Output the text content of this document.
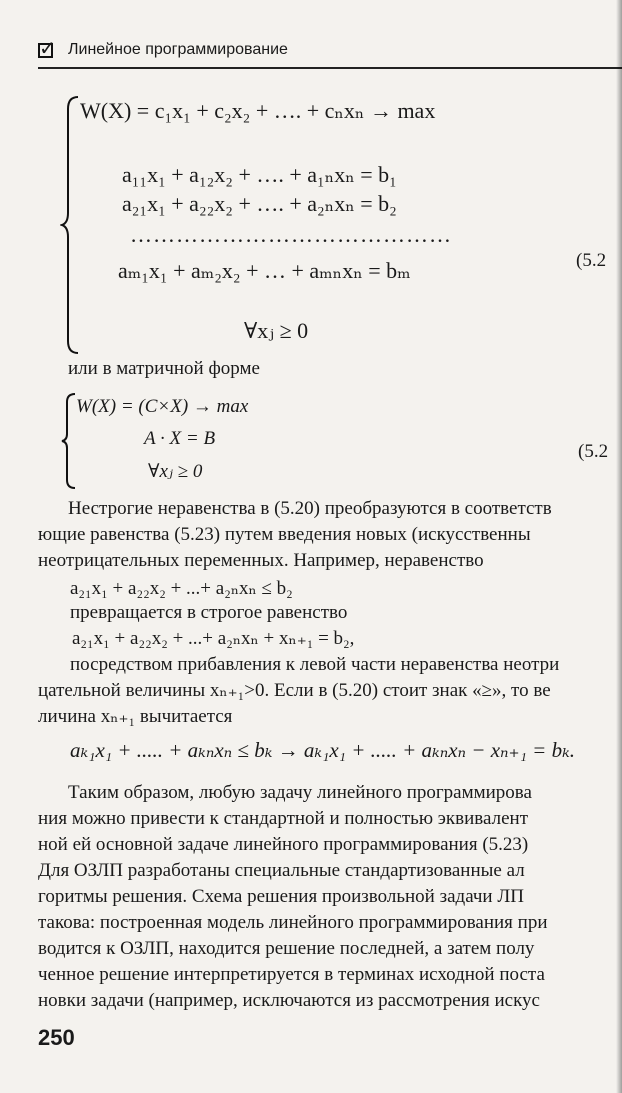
✓ Линейное программирование
W(X) = c₁x₁ + c₂x₂ + …. + cₙxₙ → max
a₁₁x₁ + a₁₂x₂ + …. + a₁ₙxₙ = b₁
a₂₁x₁ + a₂₂x₂ + …. + a₂ₙxₙ = b₂
……………………………………
aₘ₁x₁ + aₘ₂x₂ + … + aₘₙxₙ = bₘ
∀xⱼ ≥ 0
(5.2
или в матричной форме
W(X) = (C×X) → max
A · X = B
∀xⱼ ≥ 0
(5.2
Нестрогие неравенства в (5.20) преобразуются в соответств
ющие равенства (5.23) путем введения новых (искусственны
неотрицательных переменных. Например, неравенство
a₂₁x₁ + a₂₂x₂ + ...+ a₂ₙxₙ ≤ b₂
превращается в строгое равенство
a₂₁x₁ + a₂₂x₂ + ...+ a₂ₙxₙ + xₙ₊₁ = b₂,
посредством прибавления к левой части неравенства неотри
цательной величины xₙ₊₁>0. Если в (5.20) стоит знак «≥», то ве
личина xₙ₊₁ вычитается
aₖ₁x₁ + ..... + aₖₙxₙ ≤ bₖ → aₖ₁x₁ + ..... + aₖₙxₙ − xₙ₊₁ = bₖ.
Таким образом, любую задачу линейного программирова
ния можно привести к стандартной и полностью эквивалент
ной ей основной задаче линейного программирования (5.23)
Для ОЗЛП разработаны специальные стандартизованные ал
горитмы решения. Схема решения произвольной задачи ЛП
такова: построенная модель линейного программирования при
водится к ОЗЛП, находится решение последней, а затем полу
ченное решение интерпретируется в терминах исходной поста
новки задачи (например, исключаются из рассмотрения искус
250
